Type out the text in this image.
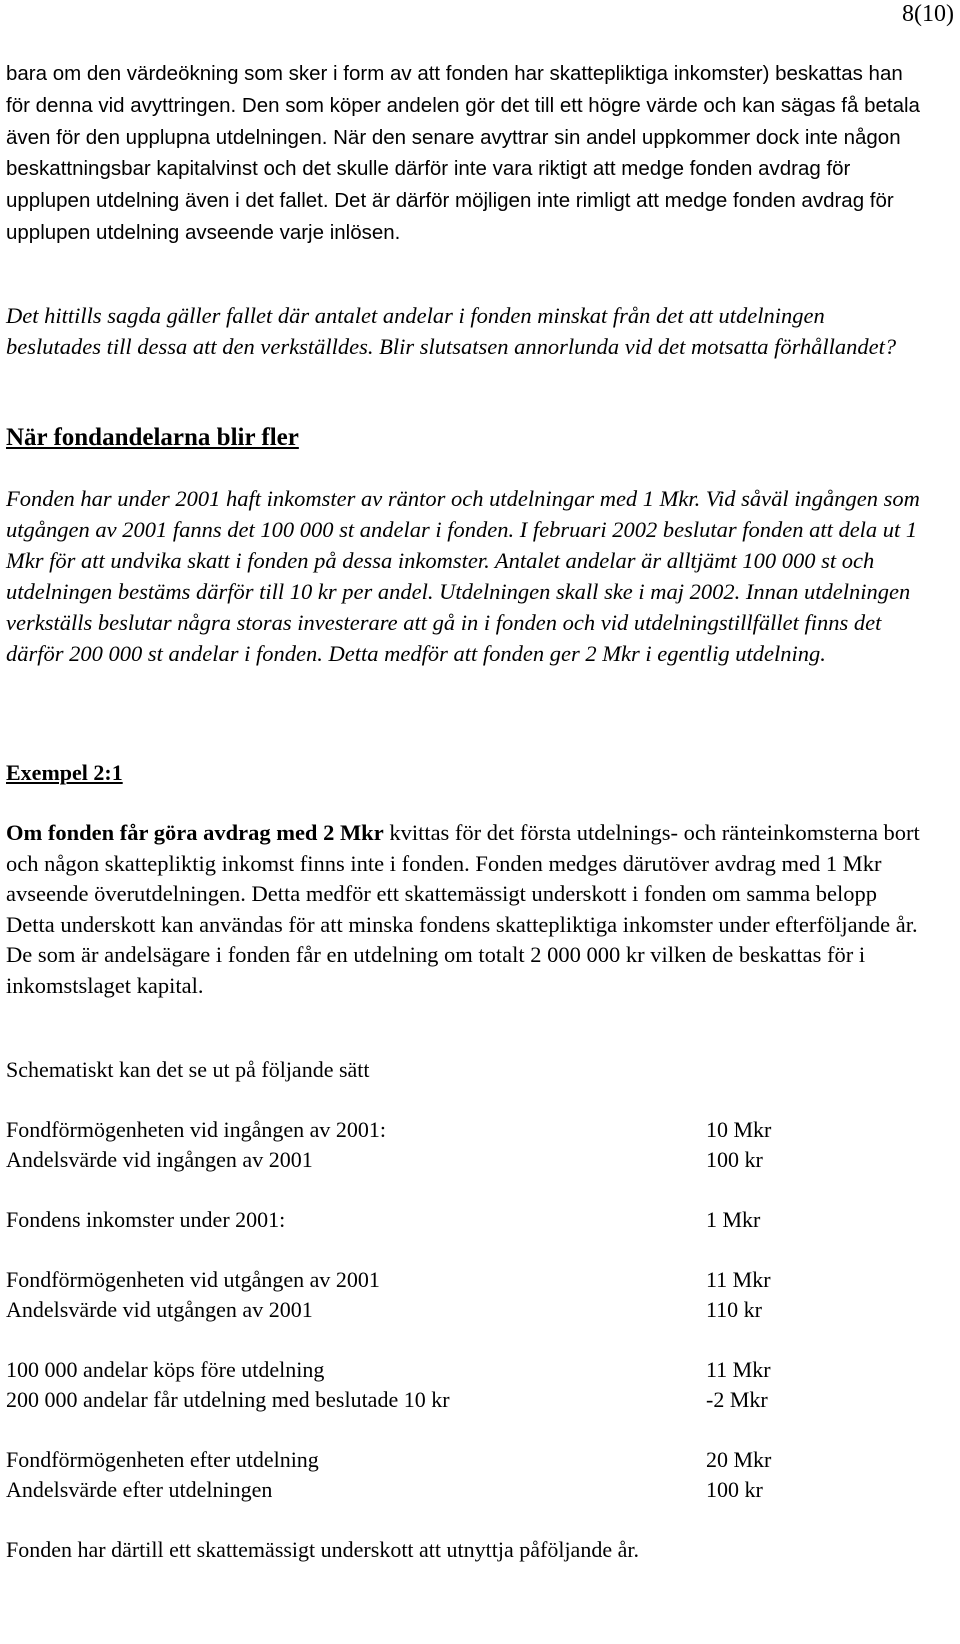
8(10)

bara om den värdeökning som sker i form av att fonden har skattepliktiga inkomster) beskattas han för denna vid avyttringen. Den som köper andelen gör det till ett högre värde och kan sägas få betala även för den upplupna utdelningen. När den senare avyttrar sin andel uppkommer dock inte någon beskattningsbar kapitalvinst och det skulle därför inte vara riktigt att medge fonden avdrag för upplupen utdelning även i det fallet. Det är därför möjligen inte rimligt att medge fonden avdrag för upplupen utdelning avseende varje inlösen.

Det hittills sagda gäller fallet där antalet andelar i fonden minskat från det att utdelningen beslutades till dessa att den verkställdes. Blir slutsatsen annorlunda vid det motsatta förhållandet?

När fondandelarna blir fler

Fonden har under 2001 haft inkomster av räntor och utdelningar med 1 Mkr. Vid såväl ingången som utgången av 2001 fanns det 100 000 st andelar i fonden. I februari 2002 beslutar fonden att dela ut 1 Mkr för att undvika skatt i fonden på dessa inkomster. Antalet andelar är alltjämt 100 000 st och utdelningen bestäms därför till 10 kr per andel. Utdelningen skall ske i maj 2002. Innan utdelningen verkställs beslutar några storas investerare att gå in i fonden och vid utdelningstillfället finns det därför 200 000 st andelar i fonden. Detta medför att fonden ger 2 Mkr i egentlig utdelning.

Exempel 2:1

Om fonden får göra avdrag med 2 Mkr kvittas för det första utdelnings- och ränteinkomsterna bort och någon skattepliktig inkomst finns inte i fonden. Fonden medges därutöver avdrag med 1 Mkr avseende överutdelningen. Detta medför ett skattemässigt underskott i fonden om samma belopp Detta underskott kan användas för att minska fondens skattepliktiga inkomster under efterföljande år. De som är andelsägare i fonden får en utdelning om totalt 2 000 000 kr vilken de beskattas för i inkomstslaget kapital.

Schematiskt kan det se ut på följande sätt

Fondförmögenheten vid ingången av 2001:	10 Mkr
Andelsvärde vid ingången av 2001	100 kr
Fondens inkomster under 2001:	1 Mkr
Fondförmögenheten vid utgången av 2001	11 Mkr
Andelsvärde vid utgången av 2001	110 kr
100 000 andelar köps före utdelning	11 Mkr
200 000 andelar får utdelning med beslutade 10 kr	-2 Mkr
Fondförmögenheten efter utdelning	20 Mkr
Andelsvärde efter utdelningen	100 kr

Fonden har därtill ett skattemässigt underskott att utnyttja påföljande år.
